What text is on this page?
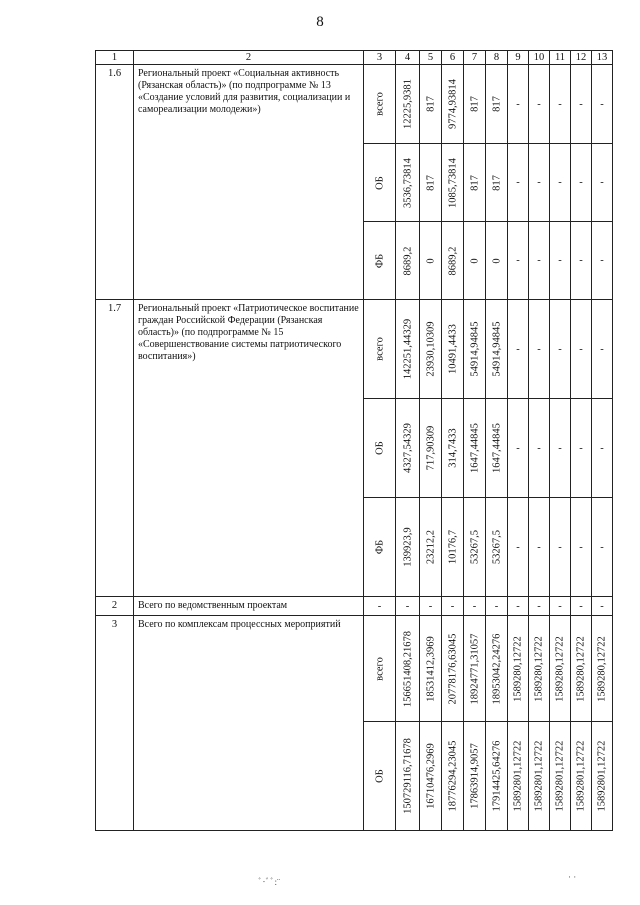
8
1	2	3	4	5	6	7	8	9	10	11	12	13
1.6	Региональный проект «Социальная активность (Рязанская область)» (по подпрограмме № 13 «Создание условий для развития, социализации и самореализации молодежи»)	всего	12225,9381	817	9774,93814	817	817	-	-	-	-	-

		ОБ	3536,73814	817	1085,73814	817	817	-	-	-	-	-

		ФБ	8689,2	0	8689,2	0	0	-	-	-	-	-
1.7	Региональный проект «Патриотическое воспитание граждан Российской Федерации (Рязанская область)» (по подпрограмме № 15 «Совершенствование системы патриотического воспитания»)	всего	142251,44329	23930,10309	10491,4433	54914,94845	54914,94845	-	-	-	-	-

		ОБ	4327,54329	717,90309	314,7433	1647,44845	1647,44845	-	-	-	-	-

		ФБ	139923,9	23212,2	10176,7	53267,5	53267,5	-	-	-	-	-
2	Всего по ведомственным проектам	-	-	-	-	-	-	-	-	-	-	-
3	Всего по комплексам процессных мероприятий	всего	156651408,21678	18531412,3969	20778176,63045	18924771,31057	18953042,24276	1589280,12722	1589280,12722	1589280,12722	1589280,12722	1589280,12722

		ОБ	150729116,71678	16710476,2969	18776294,23045	17863914,9057	17914425,64276	15892801,12722	15892801,12722	15892801,12722	15892801,12722	15892801,12722
ﾞ·ﾞﾞ:¨	· ·
